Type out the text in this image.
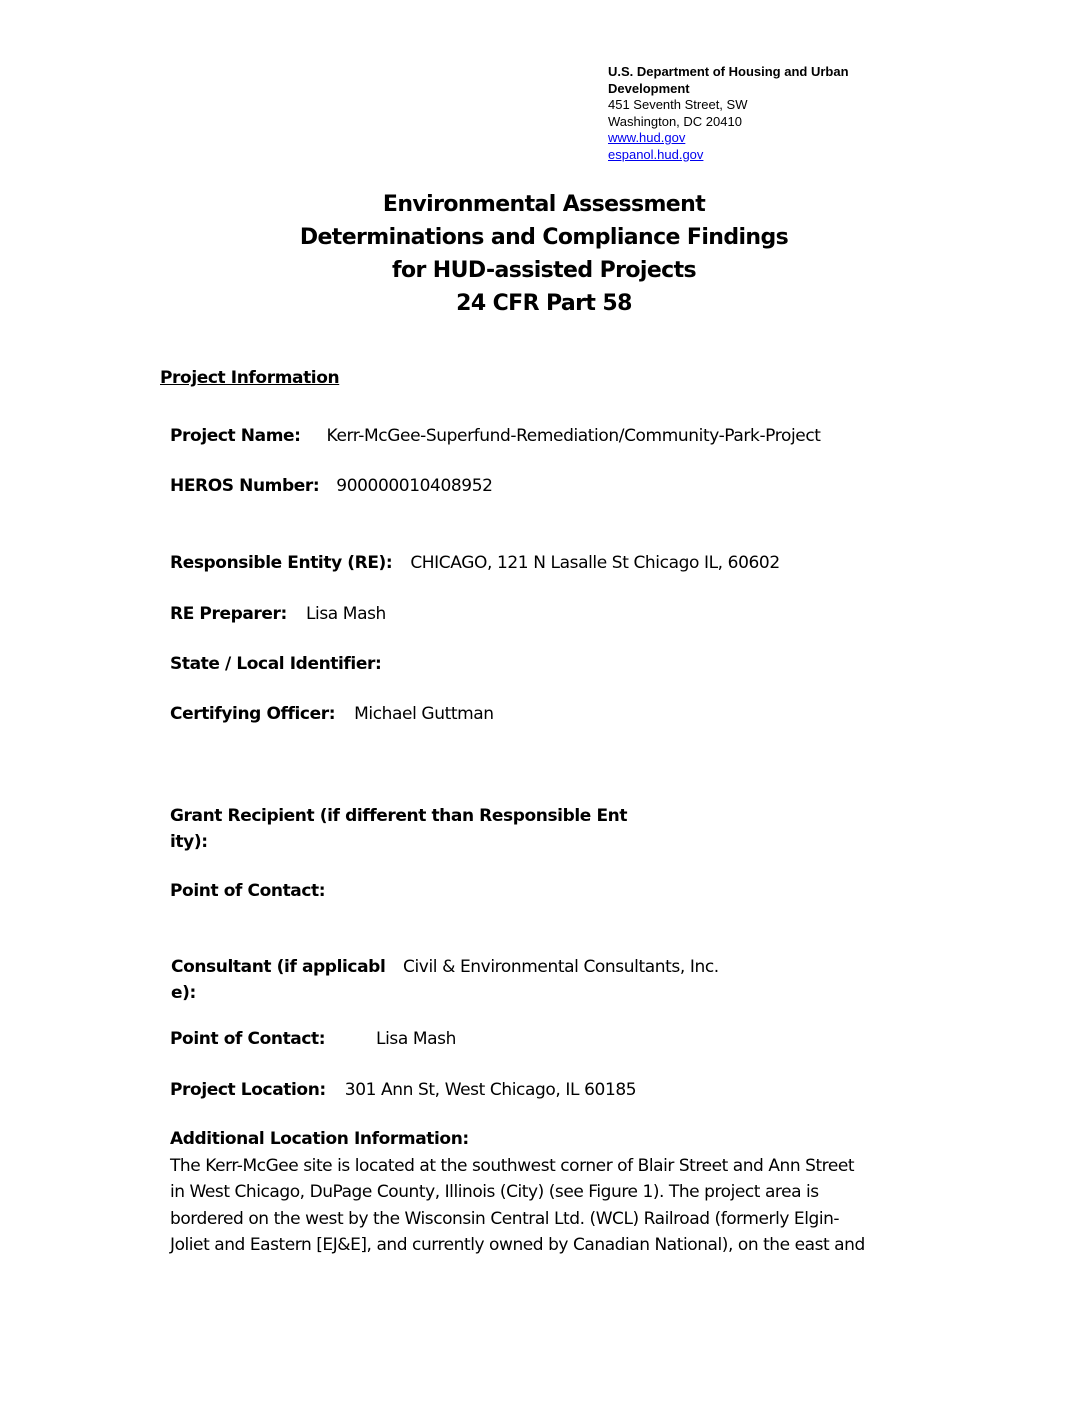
U.S. Department of Housing and Urban
Development
451 Seventh Street, SW
Washington, DC 20410
www.hud.gov
espanol.hud.gov
Environmental Assessment
Determinations and Compliance Findings
for HUD-assisted Projects
24 CFR Part 58
Project Information
Project Name: Kerr-McGee-Superfund-Remediation/Community-Park-Project
HEROS Number: 900000010408952
Responsible Entity (RE): CHICAGO, 121 N Lasalle St Chicago IL, 60602
RE Preparer: Lisa Mash
State / Local Identifier:
Certifying Officer: Michael Guttman
Grant Recipient (if different than Responsible Ent
ity):
Point of Contact:
Consultant (if applicabl
e):
Civil & Environmental Consultants, Inc.
Point of Contact:	Lisa Mash
Project Location: 301 Ann St, West Chicago, IL 60185
Additional Location Information:
The Kerr-McGee site is located at the southwest corner of Blair Street and Ann Street
in West Chicago, DuPage County, Illinois (City) (see Figure 1). The project area is
bordered on the west by the Wisconsin Central Ltd. (WCL) Railroad (formerly Elgin-
Joliet and Eastern [EJ&E], and currently owned by Canadian National), on the east and
